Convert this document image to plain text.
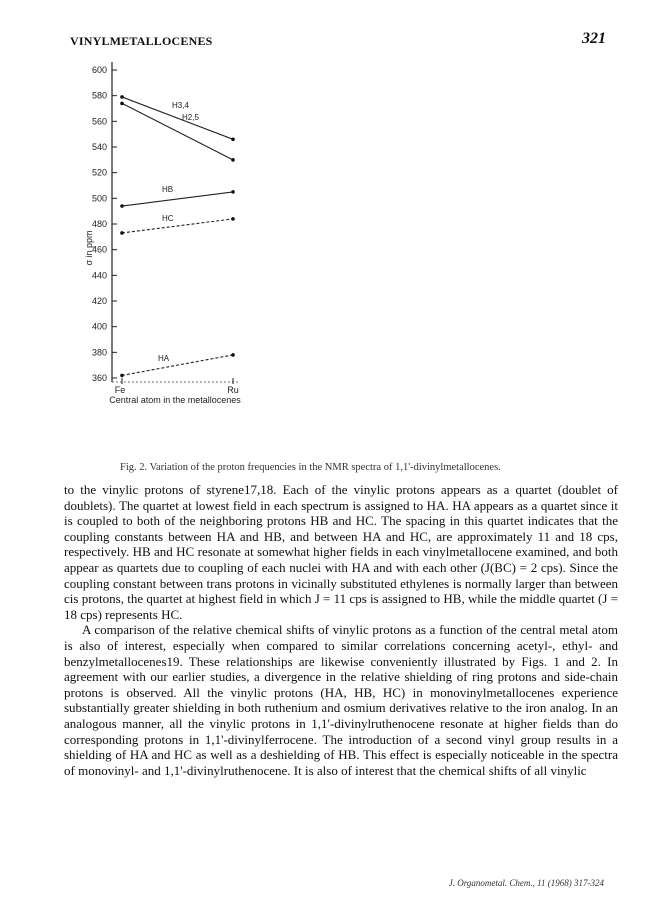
VINYLMETALLOCENES	321
600
580
560
540
520
500
480
460
440
420
400
380
360
H3,4
H2,5
HB
HC
HA
Fe	Ru
Central atom in the metallocenes
σ in ppm
Fig. 2. Variation of the proton frequencies in the NMR spectra of 1,1'-divinylmetallocenes.

to the vinylic protons of styrene17,18. Each of the vinylic protons appears as a quartet (doublet of doublets). The quartet at lowest field in each spectrum is assigned to HA. HA appears as a quartet since it is coupled to both of the neighboring protons HB and HC. The spacing in this quartet indicates that the coupling constants between HA and HB, and between HA and HC, are approximately 11 and 18 cps, respectively. HB and HC resonate at somewhat higher fields in each vinylmetallocene examined, and both appear as quartets due to coupling of each nuclei with HA and with each other (J(BC) = 2 cps). Since the coupling constant between trans protons in vicinally substituted ethylenes is normally larger than between cis protons, the quartet at highest field in which J = 11 cps is assigned to HB, while the middle quartet (J = 18 cps) represents HC.

A comparison of the relative chemical shifts of vinylic protons as a function of the central metal atom is also of interest, especially when compared to similar correlations concerning acetyl-, ethyl- and benzylmetallocenes19. These relationships are likewise conveniently illustrated by Figs. 1 and 2. In agreement with our earlier studies, a divergence in the relative shielding of ring protons and side-chain protons is observed. All the vinylic protons (HA, HB, HC) in monovinylmetallocenes experience substantially greater shielding in both ruthenium and osmium derivatives relative to the iron analog. In an analogous manner, all the vinylic protons in 1,1'-divinylruthenocene resonate at higher fields than do corresponding protons in 1,1'-divinylferrocene. The introduction of a second vinyl group results in a shielding of HA and HC as well as a deshielding of HB. This effect is especially noticeable in the spectra of monovinyl- and 1,1'-divinylruthenocene. It is also of interest that the chemical shifts of all vinylic

J. Organometal. Chem., 11 (1968) 317-324
